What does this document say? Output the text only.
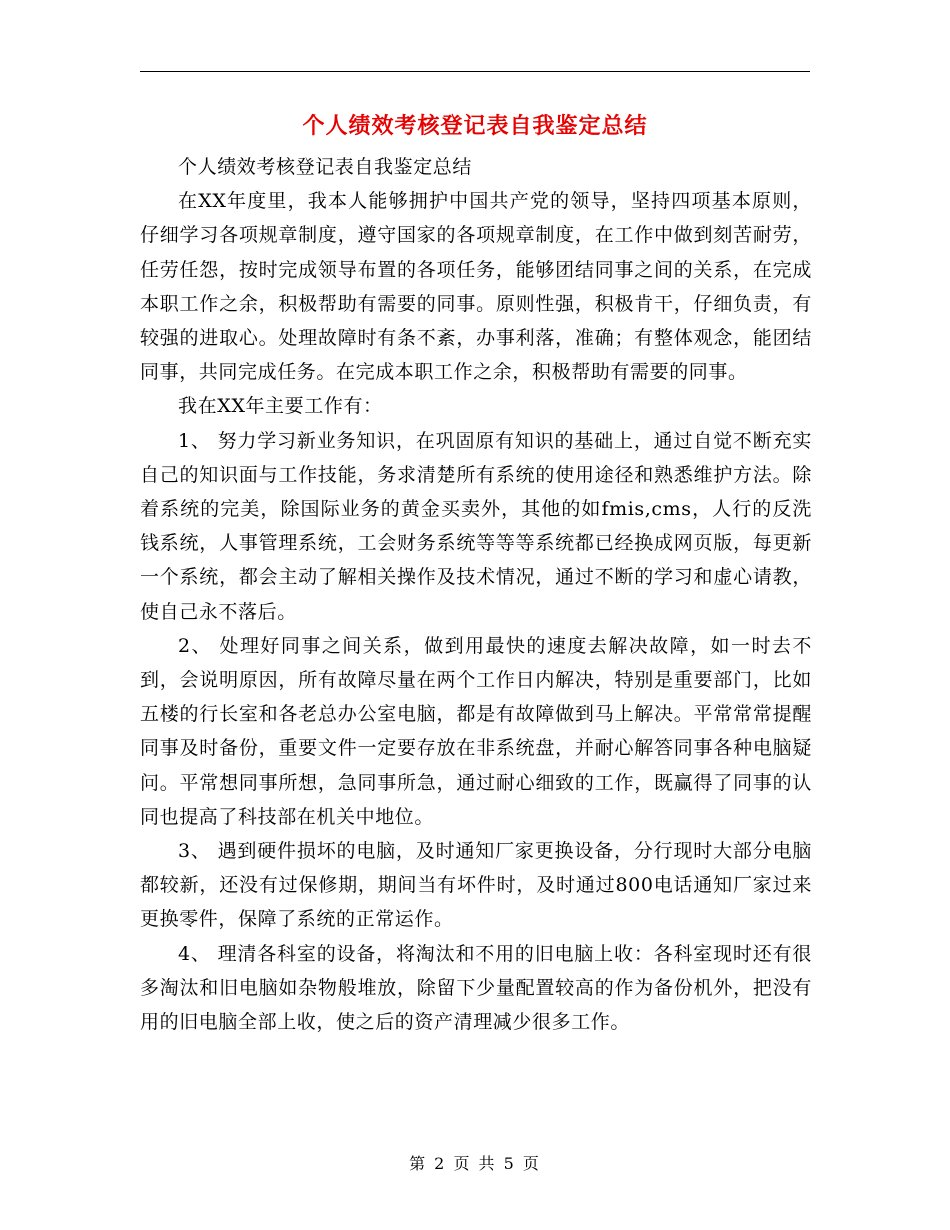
个人绩效考核登记表自我鉴定总结

个人绩效考核登记表自我鉴定总结

在XX年度里，我本人能够拥护中国共产党的领导，坚持四项基本原则，仔细学习各项规章制度，遵守国家的各项规章制度，在工作中做到刻苦耐劳，任劳任怨，按时完成领导布置的各项任务，能够团结同事之间的关系，在完成本职工作之余，积极帮助有需要的同事。原则性强，积极肯干，仔细负责，有较强的进取心。处理故障时有条不紊，办事利落，准确；有整体观念，能团结同事，共同完成任务。在完成本职工作之余，积极帮助有需要的同事。

我在XX年主要工作有：

1、 努力学习新业务知识，在巩固原有知识的基础上，通过自觉不断充实自己的知识面与工作技能，务求清楚所有系统的使用途径和熟悉维护方法。除着系统的完美，除国际业务的黄金买卖外，其他的如fmis,cms，人行的反洗钱系统，人事管理系统，工会财务系统等等等系统都已经换成网页版，每更新一个系统，都会主动了解相关操作及技术情况，通过不断的学习和虚心请教，使自己永不落后。

2、 处理好同事之间关系，做到用最快的速度去解决故障，如一时去不到，会说明原因，所有故障尽量在两个工作日内解决，特别是重要部门，比如五楼的行长室和各老总办公室电脑，都是有故障做到马上解决。平常常常提醒同事及时备份，重要文件一定要存放在非系统盘，并耐心解答同事各种电脑疑问。平常想同事所想，急同事所急，通过耐心细致的工作，既赢得了同事的认同也提高了科技部在机关中地位。

3、 遇到硬件损坏的电脑，及时通知厂家更换设备，分行现时大部分电脑都较新，还没有过保修期，期间当有坏件时，及时通过800电话通知厂家过来更换零件，保障了系统的正常运作。

4、 理清各科室的设备，将淘汰和不用的旧电脑上收：各科室现时还有很多淘汰和旧电脑如杂物般堆放，除留下少量配置较高的作为备份机外，把没有用的旧电脑全部上收，使之后的资产清理减少很多工作。

第 2 页 共 5 页
